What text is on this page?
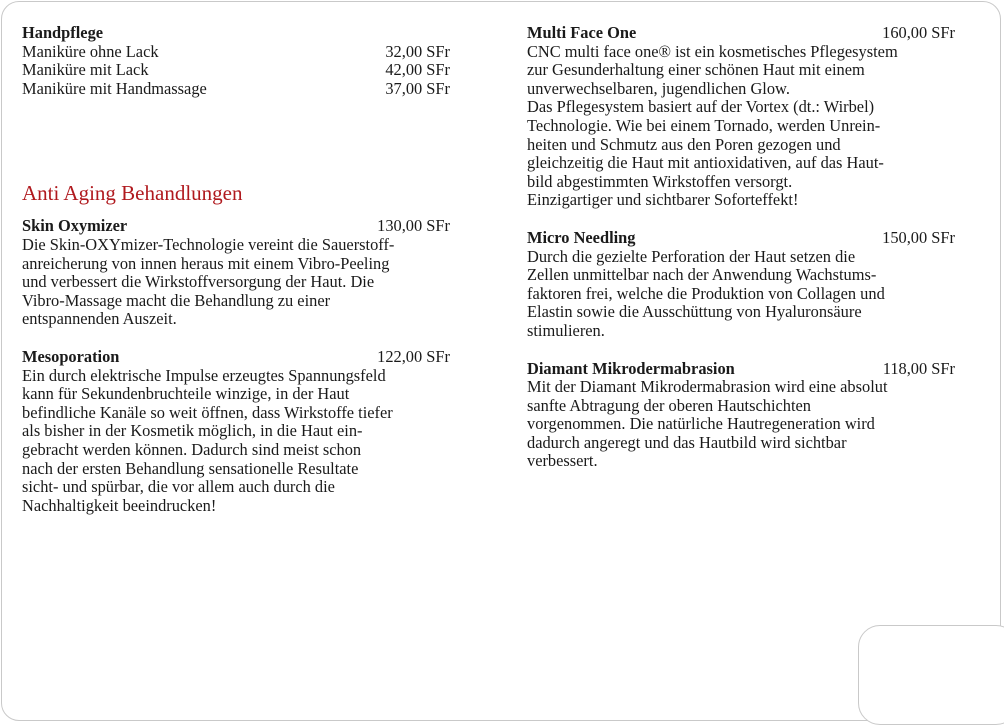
Handpflege
Maniküre ohne Lack	32,00 SFr
Maniküre mit Lack	42,00 SFr
Maniküre mit Handmassage	37,00 SFr
Anti Aging Behandlungen
Skin Oxymizer	130,00 SFr
Die Skin-OXYmizer-Technologie vereint die Sauerstoff-
anreicherung von innen heraus mit einem Vibro-Peeling
und verbessert die Wirkstoffversorgung der Haut. Die
Vibro-Massage macht die Behandlung zu einer
entspannenden Auszeit.
Mesoporation	122,00 SFr
Ein durch elektrische Impulse erzeugtes Spannungsfeld
kann für Sekundenbruchteile winzige, in der Haut
befindliche Kanäle so weit öffnen, dass Wirkstoffe tiefer
als bisher in der Kosmetik möglich, in die Haut ein-
gebracht werden können. Dadurch sind meist schon
nach der ersten Behandlung sensationelle Resultate
sicht- und spürbar, die vor allem auch durch die
Nachhaltigkeit beeindrucken!
Multi Face One	160,00 SFr
CNC multi face one® ist ein kosmetisches Pflegesystem
zur Gesunderhaltung einer schönen Haut mit einem
unverwechselbaren, jugendlichen Glow.
Das Pflegesystem basiert auf der Vortex (dt.: Wirbel)
Technologie. Wie bei einem Tornado, werden Unrein-
heiten und Schmutz aus den Poren gezogen und
gleichzeitig die Haut mit antioxidativen, auf das Haut-
bild abgestimmten Wirkstoffen versorgt.
Einzigartiger und sichtbarer Soforteffekt!
Micro Needling	150,00 SFr
Durch die gezielte Perforation der Haut setzen die
Zellen unmittelbar nach der Anwendung Wachstums-
faktoren frei, welche die Produktion von Collagen und
Elastin sowie die Ausschüttung von Hyaluronsäure
stimulieren.
Diamant Mikrodermabrasion	118,00 SFr
Mit der Diamant Mikrodermabrasion wird eine absolut
sanfte Abtragung der oberen Hautschichten
vorgenommen. Die natürliche Hautregeneration wird
dadurch angeregt und das Hautbild wird sichtbar
verbessert.
